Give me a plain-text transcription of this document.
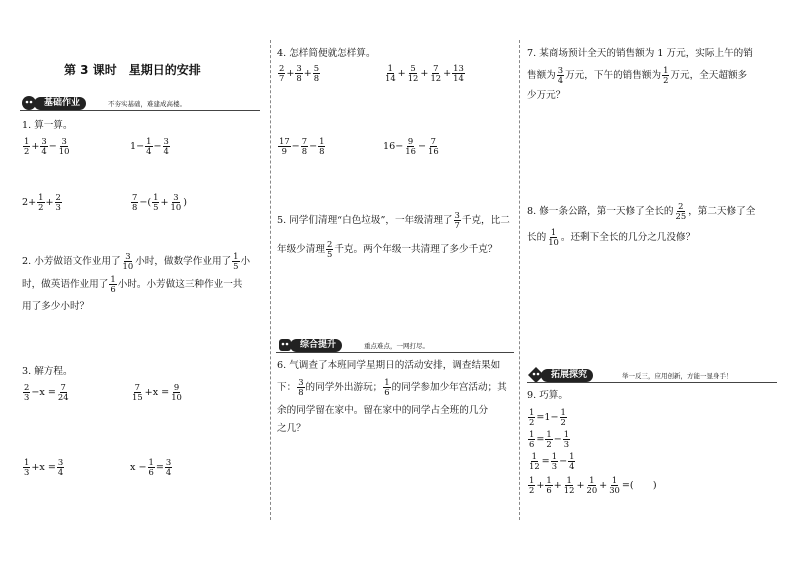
第 3 课时　星期日的安排
基础作业	不夯实基础，难建成高楼。
1. 算一算。
$\frac{1}{2} + \frac{3}{4} - \frac{3}{10}$	$1- \frac{1}{4} - \frac{3}{4}$
$2+ \frac{1}{2} + \frac{2}{3}$	$\frac{7}{8}$ −( $\frac{1}{5} + \frac{3}{10}$ )
2. 小芳做语文作业用了 $\frac{3}{10}$ 小时，做数学作业用了 $\frac{1}{5}$ 小
时，做英语作业用了 $\frac{1}{6}$ 小时。小芳做这三种作业一共
用了多少小时？
3. 解方程。
$\frac{2}{3} -x = \frac{7}{24}$	$\frac{7}{15} +x = \frac{9}{10}$
$\frac{1}{3} +x = \frac{3}{4}$	$x - \frac{1}{6} = \frac{3}{4}$
4. 怎样简便就怎样算。
$\frac{2}{7} + \frac{3}{8} + \frac{5}{8}$	$\frac{1}{14} + \frac{5}{12} + \frac{7}{12} + \frac{13}{14}$
$\frac{17}{9} - \frac{7}{8} - \frac{1}{8}$	$16- \frac{9}{16} - \frac{7}{16}$
5. 同学们清理“白色垃圾”，一年级清理了 $\frac{3}{7}$ 千克，比二
年级少清理 $\frac{2}{5}$ 千克。两个年级一共清理了多少千克？
综合提升	重点难点，一网打尽。
6. 气调查了本班同学星期日的活动安排，调查结果如
下： $\frac{3}{8}$ 的同学外出游玩； $\frac{1}{6}$ 的同学参加少年宫活动；其
余的同学留在家中。留在家中的同学占全班的几分
之几？
7. 某商场预计全天的销售额为 1 万元，实际上午的销
售额为 $\frac{3}{4}$ 万元，下午的销售额为 $\frac{1}{2}$ 万元，全天超额多
少万元？
8. 修一条公路，第一天修了全长的 $\frac{2}{25}$ ，第二天修了全
长的 $\frac{1}{10}$ 。还剩下全长的几分之几没修？
拓展探究	举一反三，应用创新，方能一显身手！
9. 巧算。
$\frac{1}{2} =1- \frac{1}{2}$
$\frac{1}{6} = \frac{1}{2} - \frac{1}{3}$
$\frac{1}{12} = \frac{1}{3} - \frac{1}{4}$
$\frac{1}{2} + \frac{1}{6} + \frac{1}{12} + \frac{1}{20} + \frac{1}{30}$ =(　　)
